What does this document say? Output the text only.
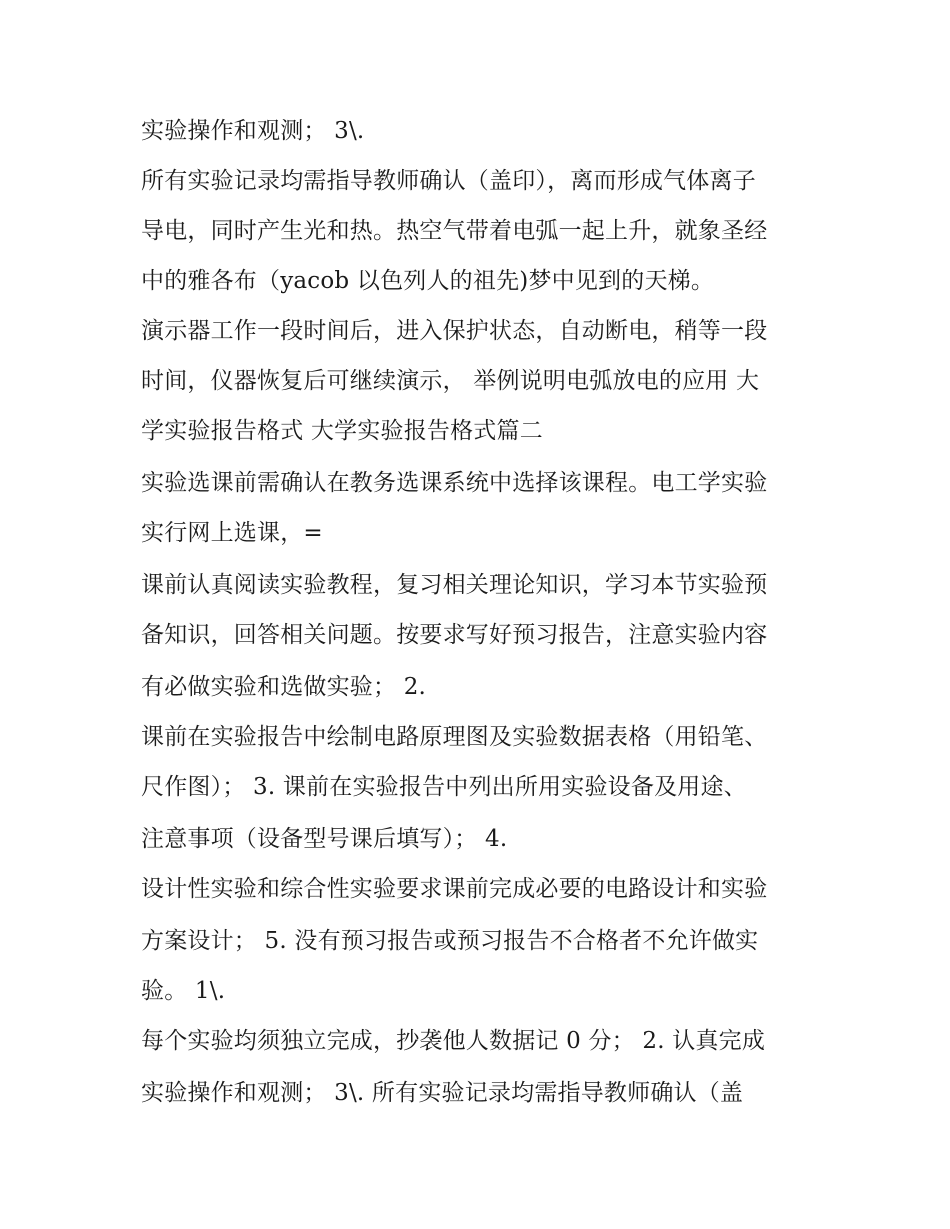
实验操作和观测； 3\.
所有实验记录均需指导教师确认（盖印），离而形成气体离子
导电，同时产生光和热。热空气带着电弧一起上升，就象圣经
中的雅各布（yacob 以色列人的祖先)梦中见到的天梯。
演示器工作一段时间后，进入保护状态，自动断电，稍等一段
时间，仪器恢复后可继续演示， 举例说明电弧放电的应用 大
学实验报告格式 大学实验报告格式篇二
实验选课前需确认在教务选课系统中选择该课程。电工学实验
实行网上选课，=
课前认真阅读实验教程，复习相关理论知识，学习本节实验预
备知识，回答相关问题。按要求写好预习报告，注意实验内容
有必做实验和选做实验； 2.
课前在实验报告中绘制电路原理图及实验数据表格（用铅笔、
尺作图）； 3. 课前在实验报告中列出所用实验设备及用途、
注意事项（设备型号课后填写）； 4.
设计性实验和综合性实验要求课前完成必要的电路设计和实验
方案设计； 5. 没有预习报告或预习报告不合格者不允许做实
验。 1\.
每个实验均须独立完成，抄袭他人数据记 0 分； 2. 认真完成
实验操作和观测； 3\. 所有实验记录均需指导教师确认（盖
